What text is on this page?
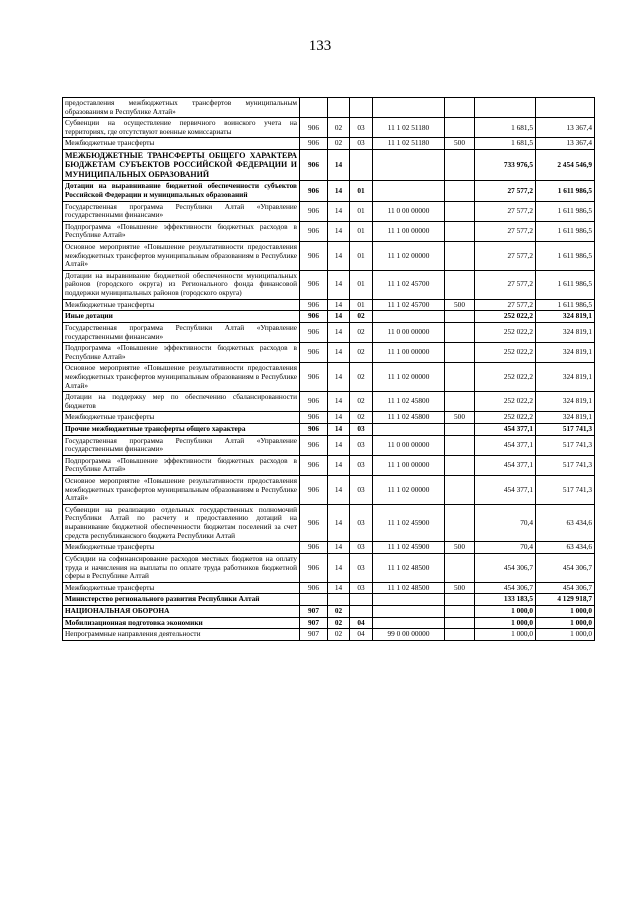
133
предоставления межбюджетных трансфертов муниципальным образованиям в Республике Алтай»							
Субвенции на осуществление первичного воинского учета на территориях, где отсутствуют военные комиссариаты	906	02	03	11 1 02 51180		1 681,5	13 367,4
Межбюджетные трансферты	906	02	03	11 1 02 51180	500	1 681,5	13 367,4
МЕЖБЮДЖЕТНЫЕ ТРАНСФЕРТЫ ОБЩЕГО ХАРАКТЕРА БЮДЖЕТАМ СУБЪЕКТОВ РОССИЙСКОЙ ФЕДЕРАЦИИ И МУНИЦИПАЛЬНЫХ ОБРАЗОВАНИЙ	906	14				733 976,5	2 454 546,9
Дотации на выравнивание бюджетной обеспеченности субъектов Российской Федерации и муниципальных образований	906	14	01			27 577,2	1 611 986,5
Государственная программа Республики Алтай «Управление государственными финансами»	906	14	01	11 0 00 00000		27 577,2	1 611 986,5
Подпрограмма «Повышение эффективности бюджетных расходов в Республике Алтай»	906	14	01	11 1 00 00000		27 577,2	1 611 986,5
Основное мероприятие «Повышение результативности предоставления межбюджетных трансфертов муниципальным образованиям в Республике Алтай»	906	14	01	11 1 02 00000		27 577,2	1 611 986,5
Дотации на выравнивание бюджетной обеспеченности муниципальных районов (городского округа) из Регионального фонда финансовой поддержки муниципальных районов (городского округа)	906	14	01	11 1 02 45700		27 577,2	1 611 986,5
Межбюджетные трансферты	906	14	01	11 1 02 45700	500	27 577,2	1 611 986,5
Иные дотации	906	14	02			252 022,2	324 819,1
Государственная программа Республики Алтай «Управление государственными финансами»	906	14	02	11 0 00 00000		252 022,2	324 819,1
Подпрограмма «Повышение эффективности бюджетных расходов в Республике Алтай»	906	14	02	11 1 00 00000		252 022,2	324 819,1
Основное мероприятие «Повышение результативности предоставления межбюджетных трансфертов муниципальным образованиям в Республике Алтай»	906	14	02	11 1 02 00000		252 022,2	324 819,1
Дотации на поддержку мер по обеспечению сбалансированности бюджетов	906	14	02	11 1 02 45800		252 022,2	324 819,1
Межбюджетные трансферты	906	14	02	11 1 02 45800	500	252 022,2	324 819,1
Прочие межбюджетные трансферты общего характера	906	14	03			454 377,1	517 741,3
Государственная программа Республики Алтай «Управление государственными финансами»	906	14	03	11 0 00 00000		454 377,1	517 741,3
Подпрограмма «Повышение эффективности бюджетных расходов в Республике Алтай»	906	14	03	11 1 00 00000		454 377,1	517 741,3
Основное мероприятие «Повышение результативности предоставления межбюджетных трансфертов муниципальным образованиям в Республике Алтай»	906	14	03	11 1 02 00000		454 377,1	517 741,3
Субвенции на реализацию отдельных государственных полномочий Республики Алтай по расчету и предоставлению дотаций на выравнивание бюджетной обеспеченности бюджетам поселений за счет средств республиканского бюджета Республики Алтай	906	14	03	11 1 02 45900		70,4	63 434,6
Межбюджетные трансферты	906	14	03	11 1 02 45900	500	70,4	63 434,6
Субсидии на софинансирование расходов местных бюджетов на оплату труда и начисления на выплаты по оплате труда работников бюджетной сферы в Республике Алтай	906	14	03	11 1 02 48500		454 306,7	454 306,7
Межбюджетные трансферты	906	14	03	11 1 02 48500	500	454 306,7	454 306,7
Министерство регионального развития Республики Алтай						133 183,5	4 129 918,7
НАЦИОНАЛЬНАЯ ОБОРОНА	907	02				1 000,0	1 000,0
Мобилизационная подготовка экономики	907	02	04			1 000,0	1 000,0
Непрограммные направления деятельности	907	02	04	99 0 00 00000		1 000,0	1 000,0
